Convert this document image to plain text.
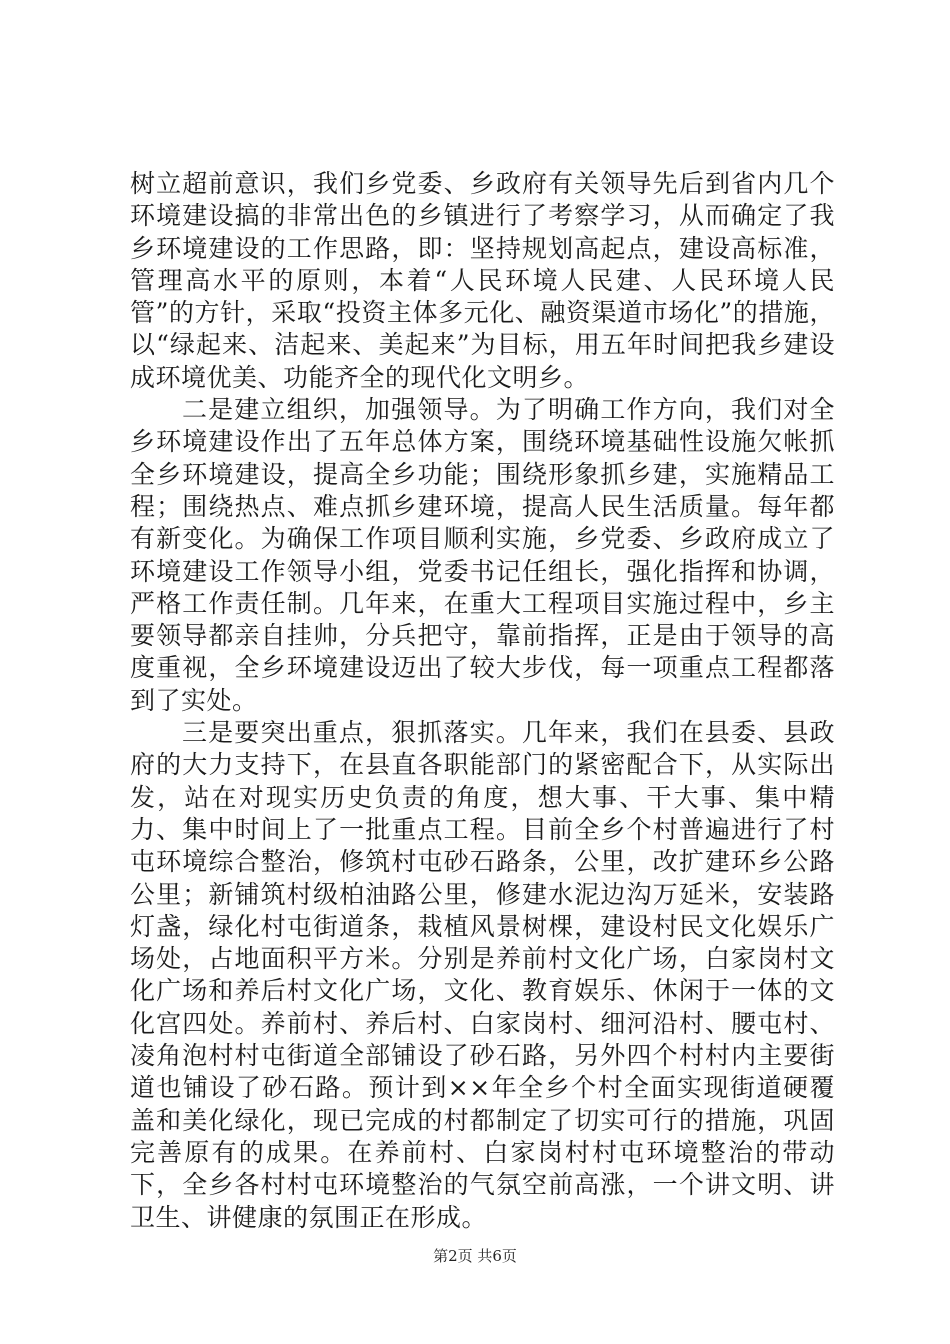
树立超前意识，我们乡党委、乡政府有关领导先后到省内几个环境建设搞的非常出色的乡镇进行了考察学习，从而确定了我乡环境建设的工作思路，即：坚持规划高起点，建设高标准，管理高水平的原则，本着“人民环境人民建、人民环境人民管”的方针，采取“投资主体多元化、融资渠道市场化”的措施，以“绿起来、洁起来、美起来”为目标，用五年时间把我乡建设成环境优美、功能齐全的现代化文明乡。

二是建立组织，加强领导。为了明确工作方向，我们对全乡环境建设作出了五年总体方案，围绕环境基础性设施欠帐抓全乡环境建设，提高全乡功能；围绕形象抓乡建，实施精品工程；围绕热点、难点抓乡建环境，提高人民生活质量。每年都有新变化。为确保工作项目顺利实施，乡党委、乡政府成立了环境建设工作领导小组，党委书记任组长，强化指挥和协调，严格工作责任制。几年来，在重大工程项目实施过程中，乡主要领导都亲自挂帅，分兵把守，靠前指挥，正是由于领导的高度重视，全乡环境建设迈出了较大步伐，每一项重点工程都落到了实处。

三是要突出重点，狠抓落实。几年来，我们在县委、县政府的大力支持下，在县直各职能部门的紧密配合下，从实际出发，站在对现实历史负责的角度，想大事、干大事、集中精力、集中时间上了一批重点工程。目前全乡个村普遍进行了村屯环境综合整治，修筑村屯砂石路条，公里，改扩建环乡公路公里；新铺筑村级柏油路公里，修建水泥边沟万延米，安装路灯盏，绿化村屯街道条，栽植风景树棵，建设村民文化娱乐广场处，占地面积平方米。分别是养前村文化广场，白家岗村文化广场和养后村文化广场，文化、教育娱乐、休闲于一体的文化宫四处。养前村、养后村、白家岗村、细河沿村、腰屯村、凌角泡村村屯街道全部铺设了砂石路，另外四个村村内主要街道也铺设了砂石路。预计到××年全乡个村全面实现街道硬覆盖和美化绿化，现已完成的村都制定了切实可行的措施，巩固完善原有的成果。在养前村、白家岗村村屯环境整治的带动下，全乡各村村屯环境整治的气氛空前高涨，一个讲文明、讲卫生、讲健康的氛围正在形成。

第2页 共6页
